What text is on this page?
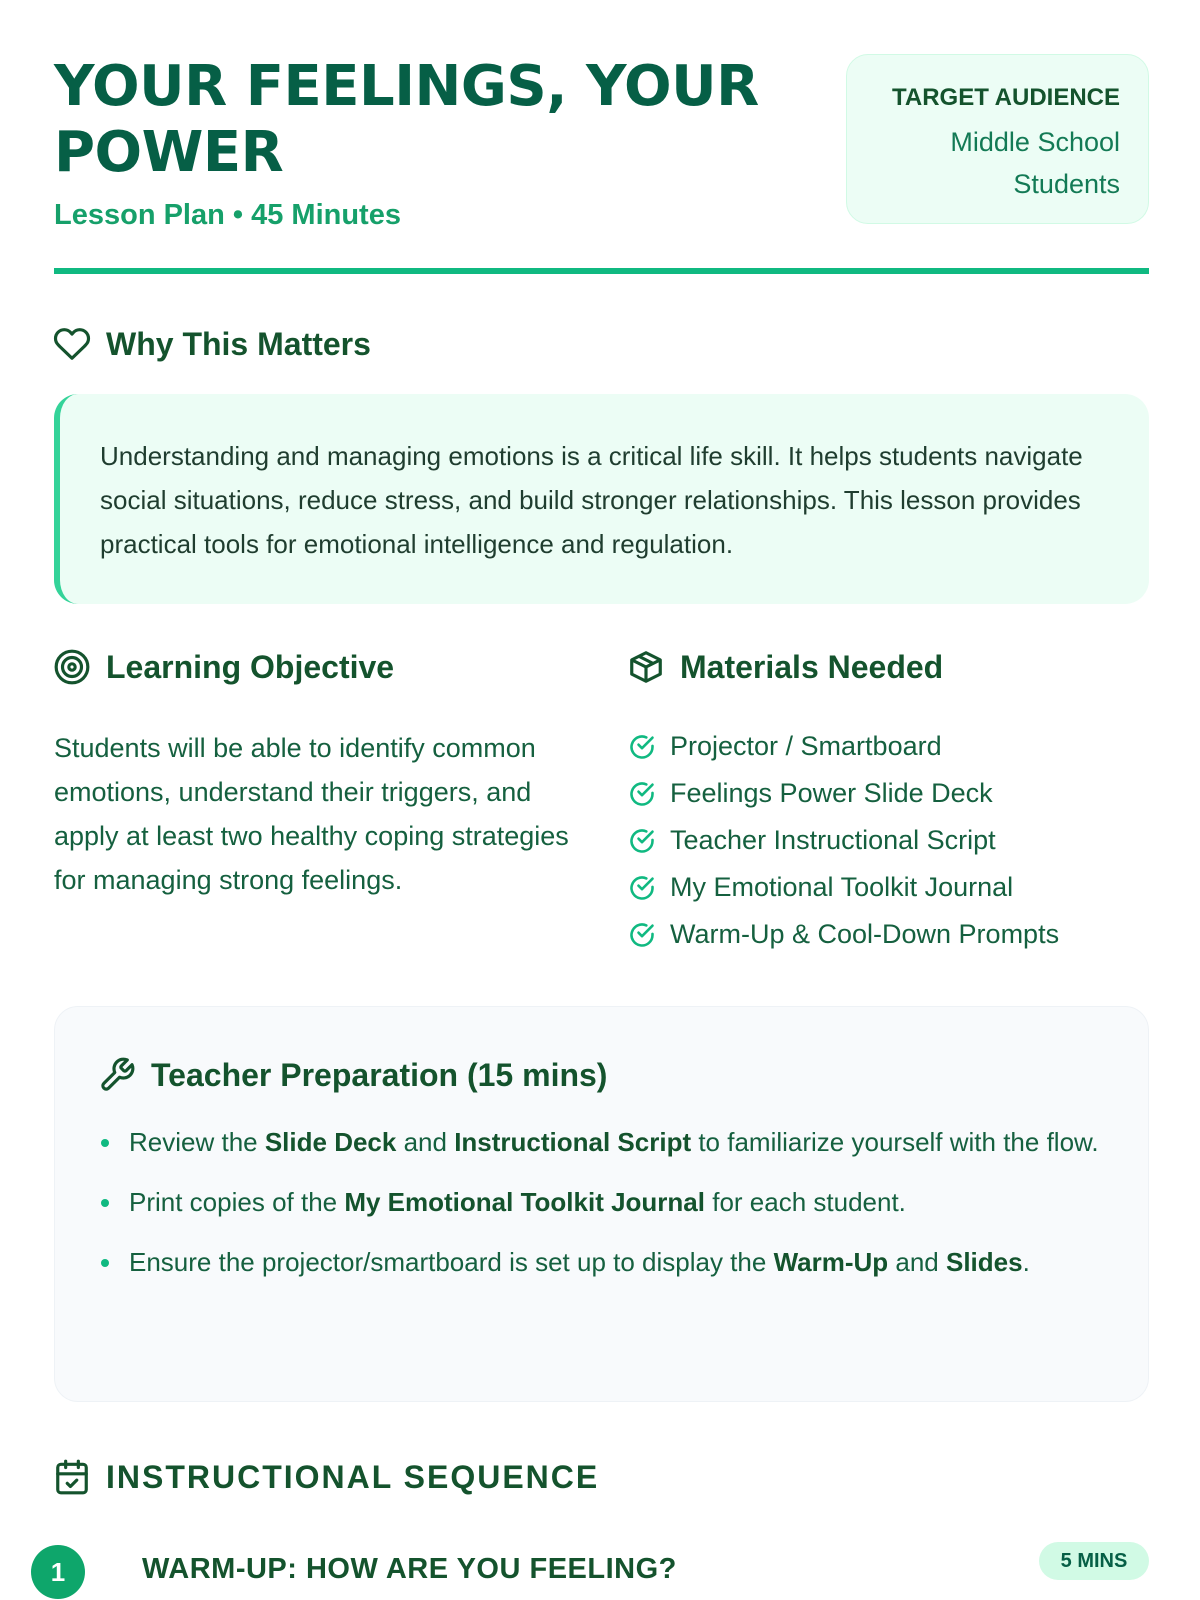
YOUR FEELINGS, YOUR POWER
Lesson Plan • 45 Minutes
TARGET AUDIENCE
Middle School
Students
Why This Matters
Understanding and managing emotions is a critical life skill. It helps students navigate social situations, reduce stress, and build stronger relationships. This lesson provides practical tools for emotional intelligence and regulation.
Learning Objective

Students will be able to identify common emotions, understand their triggers, and apply at least two healthy coping strategies for managing strong feelings.

Materials Needed
Projector / Smartboard
Feelings Power Slide Deck
Teacher Instructional Script
My Emotional Toolkit Journal
Warm-Up & Cool-Down Prompts
Teacher Preparation (15 mins)
Review the Slide Deck and Instructional Script to familiarize yourself with the flow.
Print copies of the My Emotional Toolkit Journal for each student.
Ensure the projector/smartboard is set up to display the Warm-Up and Slides.
INSTRUCTIONAL SEQUENCE
1	WARM-UP: HOW ARE YOU FEELING?	5 MINS
